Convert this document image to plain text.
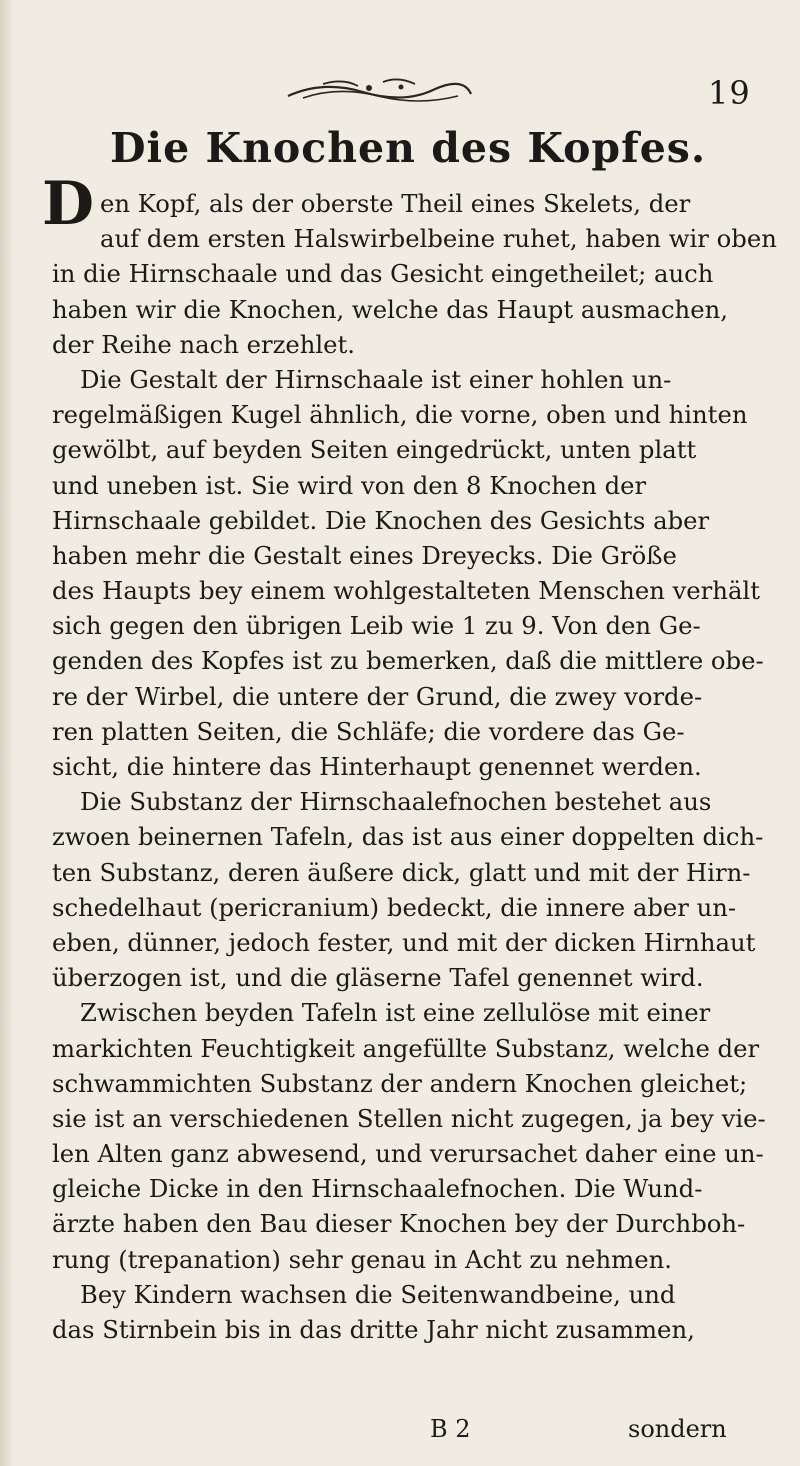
19
Die Knochen des Kopfes.
Den Kopf, als der oberste Theil eines Skelets, der
auf dem ersten Halswirbelbeine ruhet, haben wir oben
in die Hirnschaale und das Gesicht eingetheilet; auch
haben wir die Knochen, welche das Haupt ausmachen,
der Reihe nach erzehlet.
Die Gestalt der Hirnschaale ist einer hohlen un-
regelmäßigen Kugel ähnlich, die vorne, oben und hinten
gewölbt, auf beyden Seiten eingedrückt, unten platt
und uneben ist. Sie wird von den 8 Knochen der
Hirnschaale gebildet. Die Knochen des Gesichts aber
haben mehr die Gestalt eines Dreyecks. Die Größe
des Haupts bey einem wohlgestalteten Menschen verhält
sich gegen den übrigen Leib wie 1 zu 9. Von den Ge-
genden des Kopfes ist zu bemerken, daß die mittlere obe-
re der Wirbel, die untere der Grund, die zwey vorde-
ren platten Seiten, die Schläfe; die vordere das Ge-
sicht, die hintere das Hinterhaupt genennet werden.
Die Substanz der Hirnschaalefnochen bestehet aus
zwoen beinernen Tafeln, das ist aus einer doppelten dich-
ten Substanz, deren äußere dick, glatt und mit der Hirn-
schedelhaut (pericranium) bedeckt, die innere aber un-
eben, dünner, jedoch fester, und mit der dicken Hirnhaut
überzogen ist, und die gläserne Tafel genennet wird.
Zwischen beyden Tafeln ist eine zellulöse mit einer
markichten Feuchtigkeit angefüllte Substanz, welche der
schwammichten Substanz der andern Knochen gleichet;
sie ist an verschiedenen Stellen nicht zugegen, ja bey vie-
len Alten ganz abwesend, und verursachet daher eine un-
gleiche Dicke in den Hirnschaalefnochen. Die Wund-
ärzte haben den Bau dieser Knochen bey der Durchboh-
rung (trepanation) sehr genau in Acht zu nehmen.
Bey Kindern wachsen die Seitenwandbeine, und
das Stirnbein bis in das dritte Jahr nicht zusammen,
B 2	sondern
